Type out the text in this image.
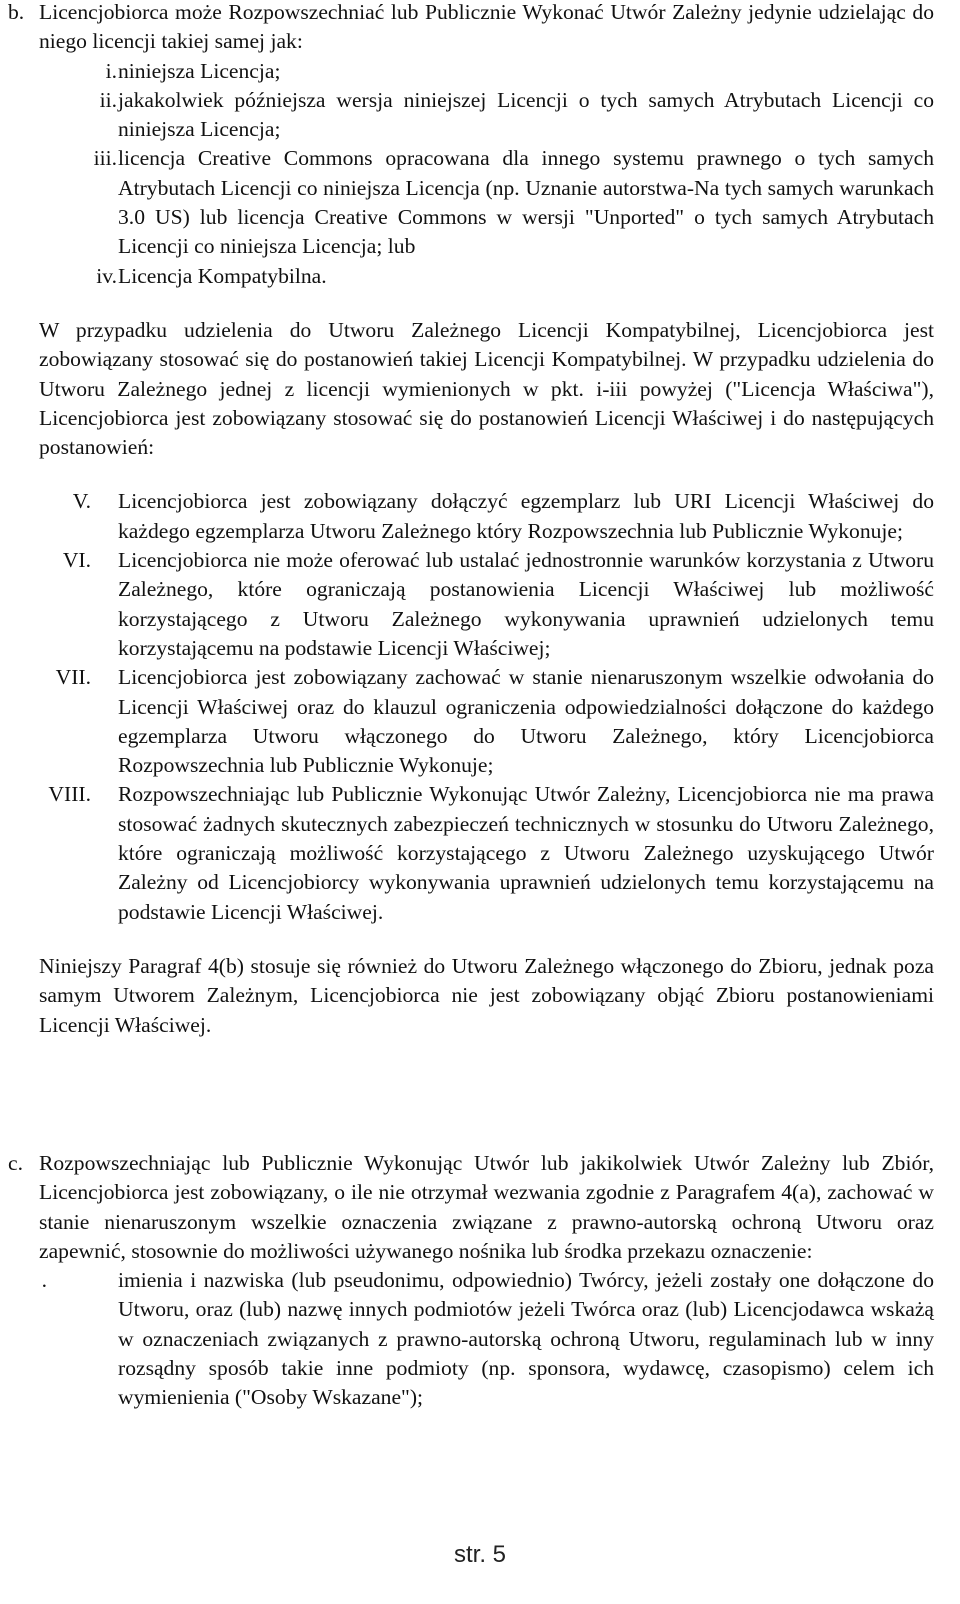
b. Licencjobiorca może Rozpowszechniać lub Publicznie Wykonać Utwór Zależny jedynie udzielając do niego licencji takiej samej jak:
i. niniejsza Licencja;
ii. jakakolwiek późniejsza wersja niniejszej Licencji o tych samych Atrybutach Licencji co niniejsza Licencja;
iii. licencja Creative Commons opracowana dla innego systemu prawnego o tych samych Atrybutach Licencji co niniejsza Licencja (np. Uznanie autorstwa-Na tych samych warunkach 3.0 US) lub licencja Creative Commons w wersji "Unported" o tych samych Atrybutach Licencji co niniejsza Licencja; lub
iv. Licencja Kompatybilna.
W przypadku udzielenia do Utworu Zależnego Licencji Kompatybilnej, Licencjobiorca jest zobowiązany stosować się do postanowień takiej Licencji Kompatybilnej. W przypadku udzielenia do Utworu Zależnego jednej z licencji wymienionych w pkt. i-iii powyżej ("Licencja Właściwa"), Licencjobiorca jest zobowiązany stosować się do postanowień Licencji Właściwej i do następujących postanowień:
V. Licencjobiorca jest zobowiązany dołączyć egzemplarz lub URI Licencji Właściwej do każdego egzemplarza Utworu Zależnego który Rozpowszechnia lub Publicznie Wykonuje;
VI. Licencjobiorca nie może oferować lub ustalać jednostronnie warunków korzystania z Utworu Zależnego, które ograniczają postanowienia Licencji Właściwej lub możliwość korzystającego z Utworu Zależnego wykonywania uprawnień udzielonych temu korzystającemu na podstawie Licencji Właściwej;
VII. Licencjobiorca jest zobowiązany zachować w stanie nienaruszonym wszelkie odwołania do Licencji Właściwej oraz do klauzul ograniczenia odpowiedzialności dołączone do każdego egzemplarza Utworu włączonego do Utworu Zależnego, który Licencjobiorca Rozpowszechnia lub Publicznie Wykonuje;
VIII. Rozpowszechniając lub Publicznie Wykonując Utwór Zależny, Licencjobiorca nie ma prawa stosować żadnych skutecznych zabezpieczeń technicznych w stosunku do Utworu Zależnego, które ograniczają możliwość korzystającego z Utworu Zależnego uzyskującego Utwór Zależny od Licencjobiorcy wykonywania uprawnień udzielonych temu korzystającemu na podstawie Licencji Właściwej.
Niniejszy Paragraf 4(b) stosuje się również do Utworu Zależnego włączonego do Zbioru, jednak poza samym Utworem Zależnym, Licencjobiorca nie jest zobowiązany objąć Zbioru postanowieniami Licencji Właściwej.
c. Rozpowszechniając lub Publicznie Wykonując Utwór lub jakikolwiek Utwór Zależny lub Zbiór, Licencjobiorca jest zobowiązany, o ile nie otrzymał wezwania zgodnie z Paragrafem 4(a), zachować w stanie nienaruszonym wszelkie oznaczenia związane z prawno-autorską ochroną Utworu oraz zapewnić, stosownie do możliwości używanego nośnika lub środka przekazu oznaczenie:
.	imienia i nazwiska (lub pseudonimu, odpowiednio) Twórcy, jeżeli zostały one dołączone do Utworu, oraz (lub) nazwę innych podmiotów jeżeli Twórca oraz (lub) Licencjodawca wskażą w oznaczeniach związanych z prawno-autorską ochroną Utworu, regulaminach lub w inny rozsądny sposób takie inne podmioty (np. sponsora, wydawcę, czasopismo) celem ich wymienienia ("Osoby Wskazane");
str. 5
